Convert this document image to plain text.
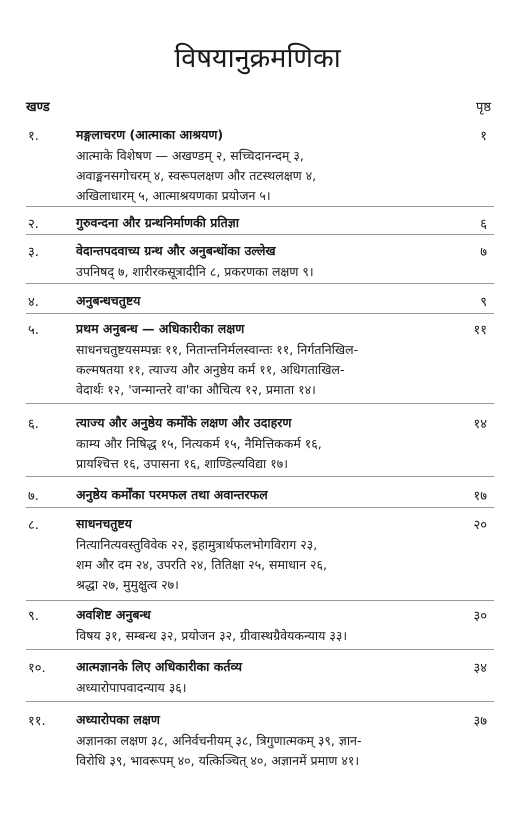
विषयानुक्रमणिका
खण्ड	पृष्ठ
१.	मङ्गलाचरण (आत्माका आश्रयण)	१
आत्माके विशेषण — अखण्डम् २, सच्चिदानन्दम् ३,
अवाङ्मनसगोचरम् ४, स्वरूपलक्षण और तटस्थलक्षण ४,
अखिलाधारम् ५, आत्माश्रयणका प्रयोजन ५।
२.	गुरुवन्दना और ग्रन्थनिर्माणकी प्रतिज्ञा	६
३.	वेदान्तपदवाच्य ग्रन्थ और अनुबन्धोंका उल्लेख	७
उपनिषद् ७, शारीरकसूत्रादीनि ८, प्रकरणका लक्षण ९।
४.	अनुबन्धचतुष्टय	९
५.	प्रथम अनुबन्ध — अधिकारीका लक्षण	११
साधनचतुष्टयसम्पन्नः ११, नितान्तनिर्मलस्वान्तः ११, निर्गतनिखिल-
कल्मषतया ११, त्याज्य और अनुष्ठेय कर्म ११, अधिगताखिल-
वेदार्थः १२, 'जन्मान्तरे वा'का औचित्य १२, प्रमाता १४।
६.	त्याज्य और अनुष्ठेय कर्मोंके लक्षण और उदाहरण	१४
काम्य और निषिद्ध १५, नित्यकर्म १५, नैमित्तिककर्म १६,
प्रायश्चित्त १६, उपासना १६, शाण्डिल्यविद्या १७।
७.	अनुष्ठेय कर्मोंका परमफल तथा अवान्तरफल	१७
८.	साधनचतुष्टय	२०
नित्यानित्यवस्तुविवेक २२, इहामुत्रार्थफलभोगविराग २३,
शम और दम २४, उपरति २४, तितिक्षा २५, समाधान २६,
श्रद्धा २७, मुमुक्षुत्व २७।
९.	अवशिष्ट अनुबन्ध	३०
विषय ३१, सम्बन्ध ३२, प्रयोजन ३२, ग्रीवास्थग्रैवेयकन्याय ३३।
१०. आत्मज्ञानके लिए अधिकारीका कर्तव्य	३४
अध्यारोपापवादन्याय ३६।
११. अध्यारोपका लक्षण	३७
अज्ञानका लक्षण ३८, अनिर्वचनीयम् ३८, त्रिगुणात्मकम् ३९, ज्ञान-
विरोधि ३९, भावरूपम् ४०, यत्किञ्चित् ४०, अज्ञानमें प्रमाण ४१।
